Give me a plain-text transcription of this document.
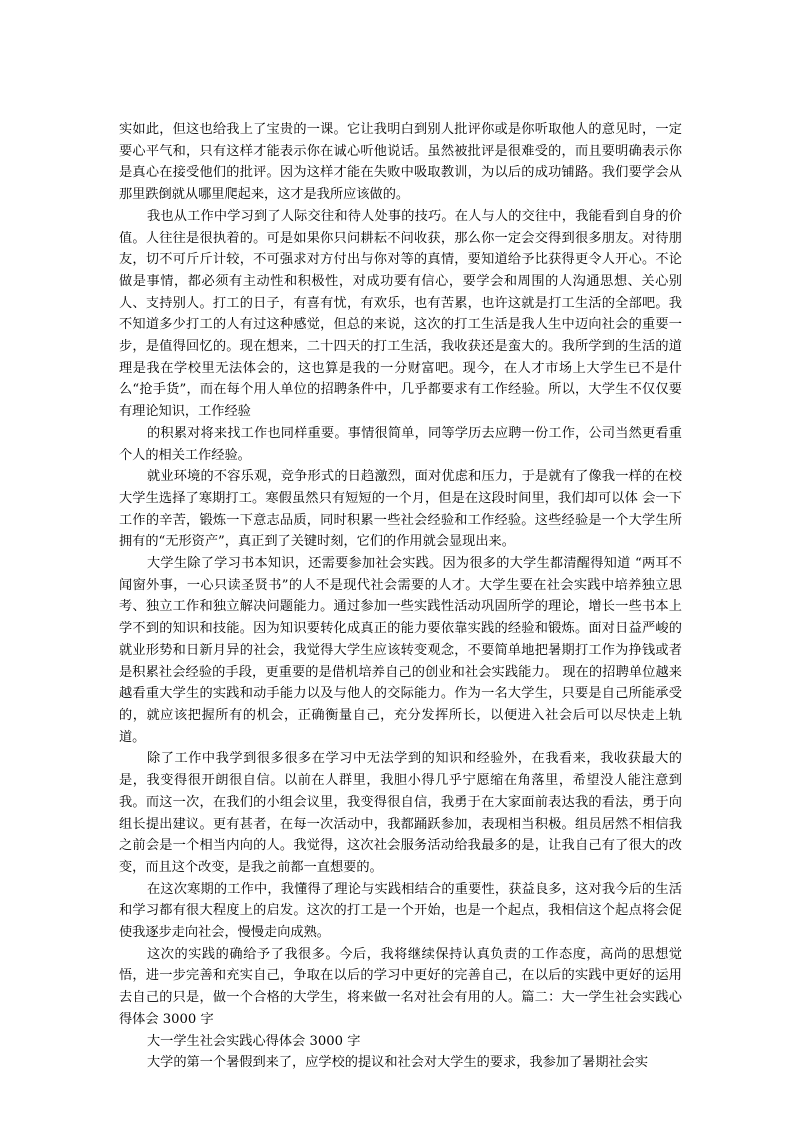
实如此，但这也给我上了宝贵的一课。它让我明白到别人批评你或是你听取他人的意见时，一定要心平气和，只有这样才能表示你在诚心听他说话。虽然被批评是很难受的，而且要明确表示你是真心在接受他们的批评。因为这样才能在失败中吸取教训，为以后的成功铺路。我们要学会从那里跌倒就从哪里爬起来，这才是我所应该做的。

我也从工作中学习到了人际交往和待人处事的技巧。在人与人的交往中，我能看到自身的价值。人往往是很执着的。可是如果你只问耕耘不问收获，那么你一定会交得到很多朋友。对待朋友，切不可斤斤计较，不可强求对方付出与你对等的真情，要知道给予比获得更令人开心。不论做是事情，都必须有主动性和积极性，对成功要有信心，要学会和周围的人沟通思想、关心别人、支持别人。打工的日子，有喜有忧，有欢乐，也有苦累，也许这就是打工生活的全部吧。我不知道多少打工的人有过这种感觉，但总的来说，这次的打工生活是我人生中迈向社会的重要一步，是值得回忆的。现在想来，二十四天的打工生活，我收获还是蛮大的。我所学到的生活的道理是我在学校里无法体会的，这也算是我的一分财富吧。现今，在人才市场上大学生已不是什么“抢手货”，而在每个用人单位的招聘条件中，几乎都要求有工作经验。所以，大学生不仅仅要有理论知识，工作经验

的积累对将来找工作也同样重要。事情很简单，同等学历去应聘一份工作，公司当然更看重个人的相关工作经验。

就业环境的不容乐观，竞争形式的日趋激烈，面对优虑和压力，于是就有了像我一样的在校大学生选择了寒期打工。寒假虽然只有短短的一个月，但是在这段时间里，我们却可以体 会一下工作的辛苦，锻炼一下意志品质，同时积累一些社会经验和工作经验。这些经验是一个大学生所拥有的“无形资产”，真正到了关键时刻，它们的作用就会显现出来。

大学生除了学习书本知识，还需要参加社会实践。因为很多的大学生都清醒得知道 “两耳不闻窗外事，一心只读圣贤书”的人不是现代社会需要的人才。大学生要在社会实践中培养独立思考、独立工作和独立解决问题能力。通过参加一些实践性活动巩固所学的理论，增长一些书本上学不到的知识和技能。因为知识要转化成真正的能力要依靠实践的经验和锻炼。面对日益严峻的就业形势和日新月异的社会，我觉得大学生应该转变观念，不要简单地把暑期打工作为挣钱或者是积累社会经验的手段，更重要的是借机培养自己的创业和社会实践能力。 现在的招聘单位越来越看重大学生的实践和动手能力以及与他人的交际能力。作为一名大学生，只要是自己所能承受的，就应该把握所有的机会，正确衡量自己，充分发挥所长，以便进入社会后可以尽快走上轨道。

除了工作中我学到很多很多在学习中无法学到的知识和经验外，在我看来，我收获最大的是，我变得很开朗很自信。以前在人群里，我胆小得几乎宁愿缩在角落里，希望没人能注意到我。而这一次，在我们的小组会议里，我变得很自信，我勇于在大家面前表达我的看法，勇于向组长提出建议。更有甚者，在每一次活动中，我都踊跃参加，表现相当积极。组员居然不相信我之前会是一个相当内向的人。我觉得，这次社会服务活动给我最多的是，让我自己有了很大的改变，而且这个改变，是我之前都一直想要的。

在这次寒期的工作中，我懂得了理论与实践相结合的重要性，获益良多，这对我今后的生活和学习都有很大程度上的启发。这次的打工是一个开始，也是一个起点，我相信这个起点将会促使我逐步走向社会，慢慢走向成熟。

这次的实践的确给予了我很多。今后，我将继续保持认真负责的工作态度，高尚的思想觉悟，进一步完善和充实自己，争取在以后的学习中更好的完善自己，在以后的实践中更好的运用去自己的只是，做一个合格的大学生，将来做一名对社会有用的人。篇二：大一学生社会实践心得体会 3000 字

大一学生社会实践心得体会 3000 字

大学的第一个暑假到来了，应学校的提议和社会对大学生的要求，我参加了暑期社会实
